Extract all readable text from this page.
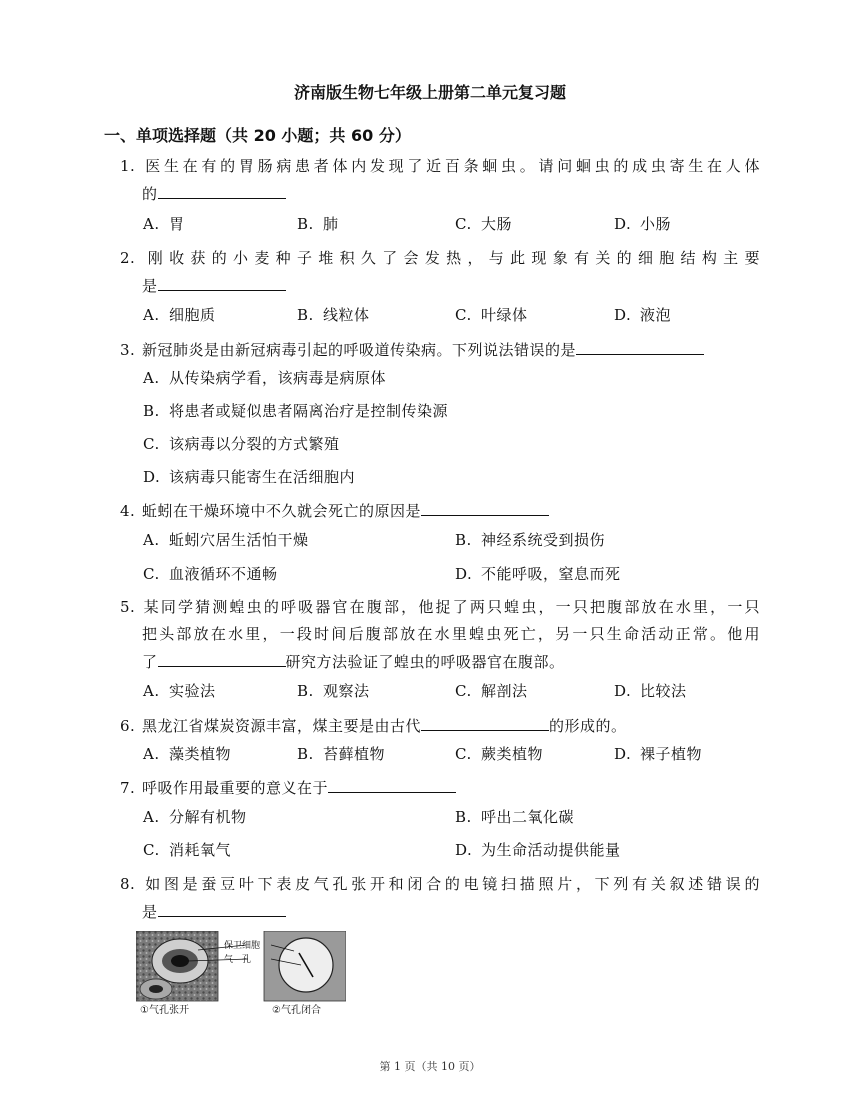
济南版生物七年级上册第二单元复习题
一、单项选择题（共 20 小题；共 60 分）
1. 医生在有的胃肠病患者体内发现了近百条蛔虫。请问蛔虫的成虫寄生在人体
的
A. 胃	B. 肺	C. 大肠	D. 小肠
2. 刚收获的小麦种子堆积久了会发热，与此现象有关的细胞结构主要
是
A. 细胞质	B. 线粒体	C. 叶绿体	D. 液泡
3. 新冠肺炎是由新冠病毒引起的呼吸道传染病。下列说法错误的是
A. 从传染病学看，该病毒是病原体
B. 将患者或疑似患者隔离治疗是控制传染源
C. 该病毒以分裂的方式繁殖
D. 该病毒只能寄生在活细胞内
4. 蚯蚓在干燥环境中不久就会死亡的原因是
A. 蚯蚓穴居生活怕干燥	B. 神经系统受到损伤
C. 血液循环不通畅	D. 不能呼吸，窒息而死
5. 某同学猜测蝗虫的呼吸器官在腹部，他捉了两只蝗虫，一只把腹部放在水里，一只
把头部放在水里，一段时间后腹部放在水里蝗虫死亡，另一只生命活动正常。他用
了	研究方法验证了蝗虫的呼吸器官在腹部。
A. 实验法	B. 观察法	C. 解剖法	D. 比较法
6. 黑龙江省煤炭资源丰富，煤主要是由古代	的形成的。
A. 藻类植物	B. 苔藓植物	C. 蕨类植物	D. 裸子植物
7. 呼吸作用最重要的意义在于
A. 分解有机物	B. 呼出二氧化碳
C. 消耗氧气	D. 为生命活动提供能量
8. 如图是蚕豆叶下表皮气孔张开和闭合的电镜扫描照片，下列有关叙述错误的
是
保卫细胞
气　孔
①气孔张开	②气孔闭合
第 1 页（共 10 页）
